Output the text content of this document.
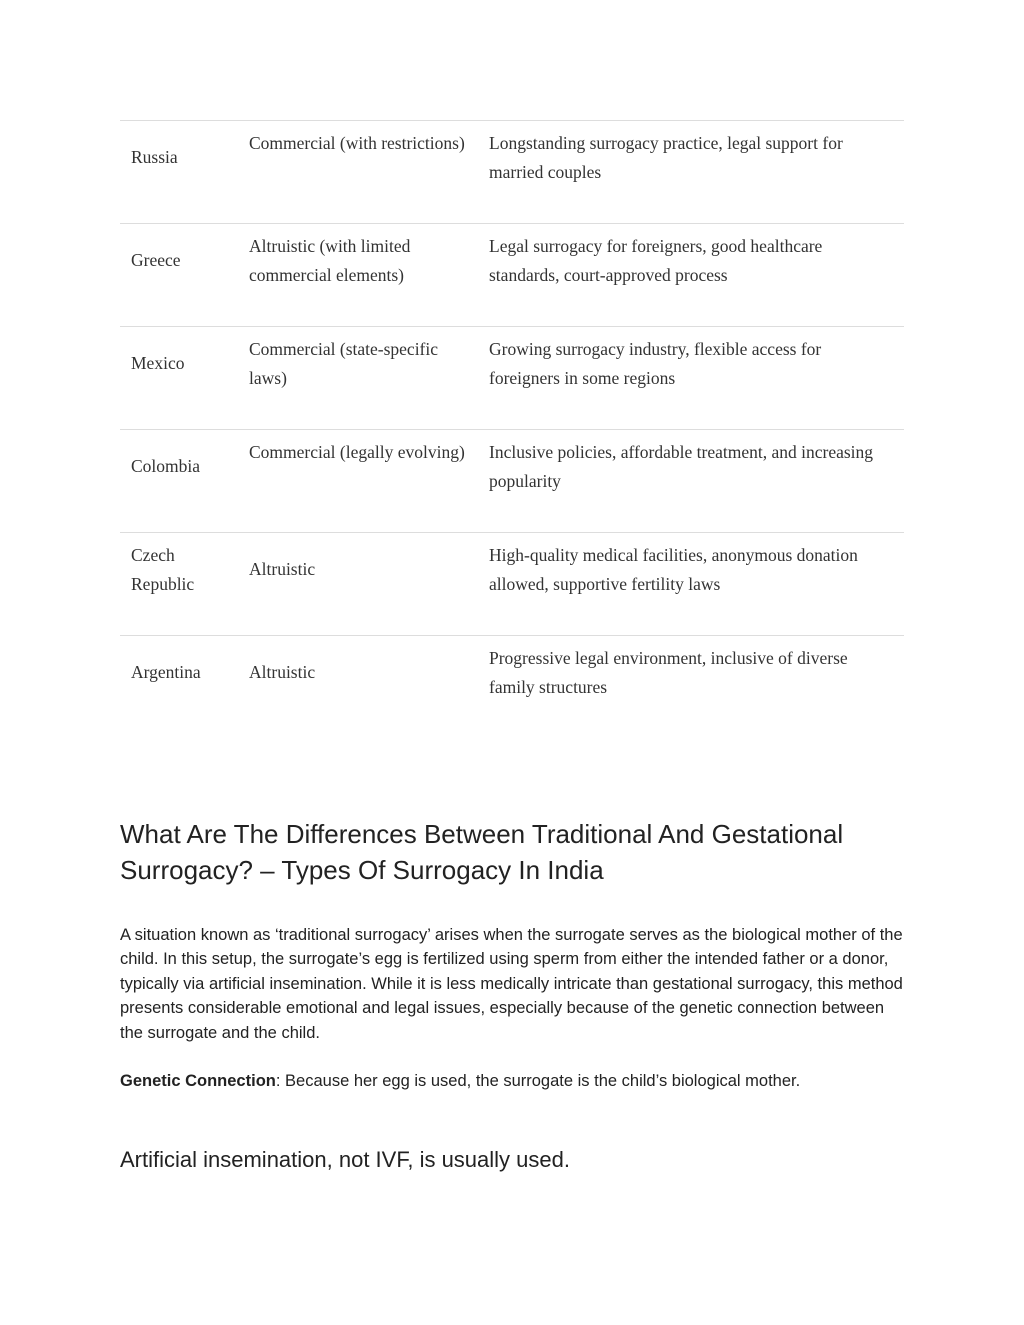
Russia
Commercial (with restrictions) Longstanding surrogacy practice, legal support for married couples
Greece
Altruistic (with limited commercial elements)
Legal surrogacy for foreigners, good healthcare standards, court-approved process
Mexico
Commercial (state-specific laws)
Growing surrogacy industry, flexible access for foreigners in some regions
Colombia
Commercial (legally evolving) Inclusive policies, affordable treatment, and increasing popularity
Czech Republic
Altruistic
High-quality medical facilities, anonymous donation allowed, supportive fertility laws
Argentina	Altruistic
Progressive legal environment, inclusive of diverse family structures
What Are The Differences Between Traditional And Gestational Surrogacy? – Types Of Surrogacy In India

A situation known as ‘traditional surrogacy’ arises when the surrogate serves as the biological mother of the child. In this setup, the surrogate’s egg is fertilized using sperm from either the intended father or a donor, typically via artificial insemination. While it is less medically intricate than gestational surrogacy, this method presents considerable emotional and legal issues, especially because of the genetic connection between the surrogate and the child.

Genetic Connection: Because her egg is used, the surrogate is the child’s biological mother.

Artificial insemination, not IVF, is usually used.
